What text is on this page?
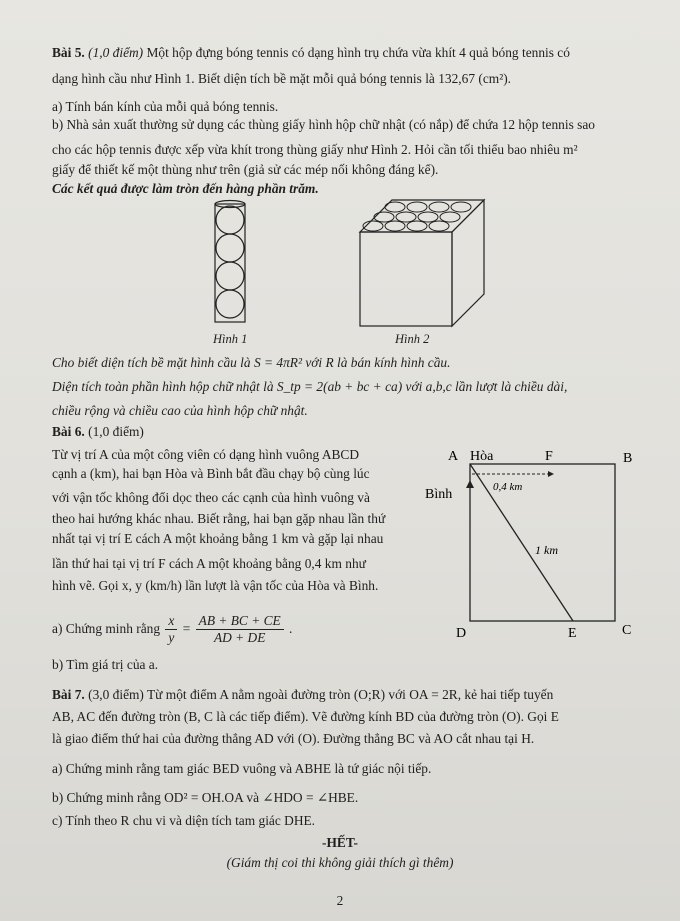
Bài 5. (1,0 điểm) Một hộp đựng bóng tennis có dạng hình trụ chứa vừa khít 4 quả bóng tennis có
dạng hình cầu như Hình 1. Biết diện tích bề mặt mỗi quả bóng tennis là 132,67 (cm²).
a) Tính bán kính của mỗi quả bóng tennis.
b) Nhà sản xuất thường sử dụng các thùng giấy hình hộp chữ nhật (có nắp) để chứa 12 hộp tennis sao
cho các hộp tennis được xếp vừa khít trong thùng giấy như Hình 2. Hỏi cần tối thiểu bao nhiêu m²
giấy để thiết kế một thùng như trên (giả sử các mép nối không đáng kể).
Các kết quả được làm tròn đến hàng phần trăm.
Hình 1	Hình 2
Cho biết diện tích bề mặt hình cầu là S = 4πR² với R là bán kính hình cầu.
Diện tích toàn phần hình hộp chữ nhật là S_tp = 2(ab + bc + ca) với a,b,c lần lượt là chiều dài,
chiều rộng và chiều cao của hình hộp chữ nhật.
Bài 6. (1,0 điểm)
Từ vị trí A của một công viên có dạng hình vuông ABCD
cạnh a (km), hai bạn Hòa và Bình bắt đầu chạy bộ cùng lúc
với vận tốc không đổi dọc theo các cạnh của hình vuông và
theo hai hướng khác nhau. Biết rằng, hai bạn gặp nhau lần thứ
nhất tại vị trí E cách A một khoảng bằng 1 km và gặp lại nhau
lần thứ hai tại vị trí F cách A một khoảng bằng 0,4 km như
hình vẽ. Gọi x, y (km/h) lần lượt là vận tốc của Hòa và Bình.
a) Chứng minh rằng $\frac{x}{y} = \frac{AB + BC + CE}{AD + DE}$ .
b) Tìm giá trị của a.
A Hòa	F	B
Bình	0,4 km
1 km
D	E	C
Bài 7. (3,0 điểm) Từ một điểm A nằm ngoài đường tròn (O;R) với OA = 2R, kẻ hai tiếp tuyến
AB, AC đến đường tròn (B, C là các tiếp điểm). Vẽ đường kính BD của đường tròn (O). Gọi E
là giao điểm thứ hai của đường thẳng AD với (O). Đường thẳng BC và AO cắt nhau tại H.
a) Chứng minh rằng tam giác BED vuông và ABHE là tứ giác nội tiếp.
b) Chứng minh rằng OD² = OH.OA và ∠HDO = ∠HBE.
c) Tính theo R chu vi và diện tích tam giác DHE.
-HẾT-
(Giám thị coi thi không giải thích gì thêm)
2
